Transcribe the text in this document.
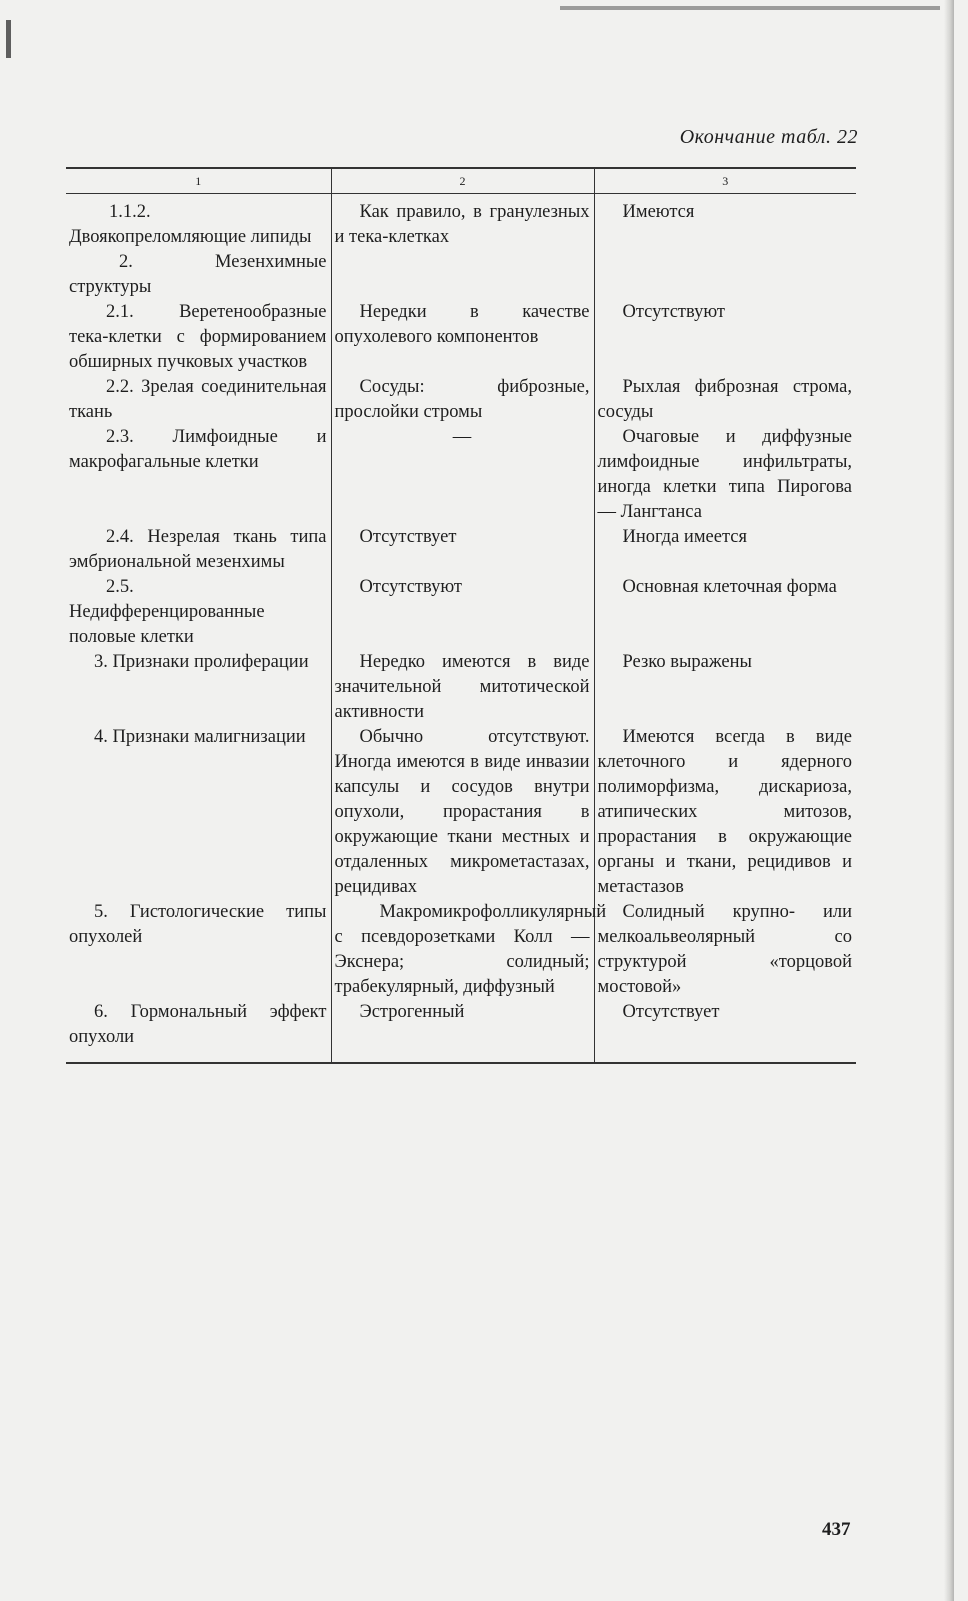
Окончание табл. 22
1	2	3
1.1.2. Двоякопреломляющие липиды	Как правило, в гранулезных и тека-клетках	Имеются
2. Мезенхимные структуры		
2.1. Веретенообразные тека-клетки с формированием обширных пучковых участков	Нередки в качестве опухолевого компонентов	Отсутствуют
2.2. Зрелая соединительная ткань	Сосуды: фиброзные, прослойки стромы	Рыхлая фиброзная строма, сосуды
2.3. Лимфоидные и макрофагальные клетки	—	Очаговые и диффузные лимфоидные инфильтраты, иногда клетки типа Пирогова — Лангтанса
2.4. Незрелая ткань типа эмбриональной мезенхимы	Отсутствует	Иногда имеется
2.5. Недифференцированные половые клетки	Отсутствуют	Основная клеточная форма
3. Признаки пролиферации	Нередко имеются в виде значительной митотической активности	Резко выражены
4. Признаки малигнизации	Обычно отсутствуют. Иногда имеются в виде инвазии капсулы и сосудов внутри опухоли, прорастания в окружающие ткани местных и отдаленных микрометастазах, рецидивах	Имеются всегда в виде клеточного и ядерного полиморфизма, дискариоза, атипических митозов, прорастания в окружающие органы и ткани, рецидивов и метастазов
5. Гистологические типы опухолей	Макромикрофолликулярный с псевдорозетками Колл — Экснера; солидный; трабекулярный, диффузный	Солидный крупно- или мелкоальвеолярный со структурой «торцовой мостовой»
6. Гормональный эффект опухоли	Эстрогенный	Отсутствует
437
